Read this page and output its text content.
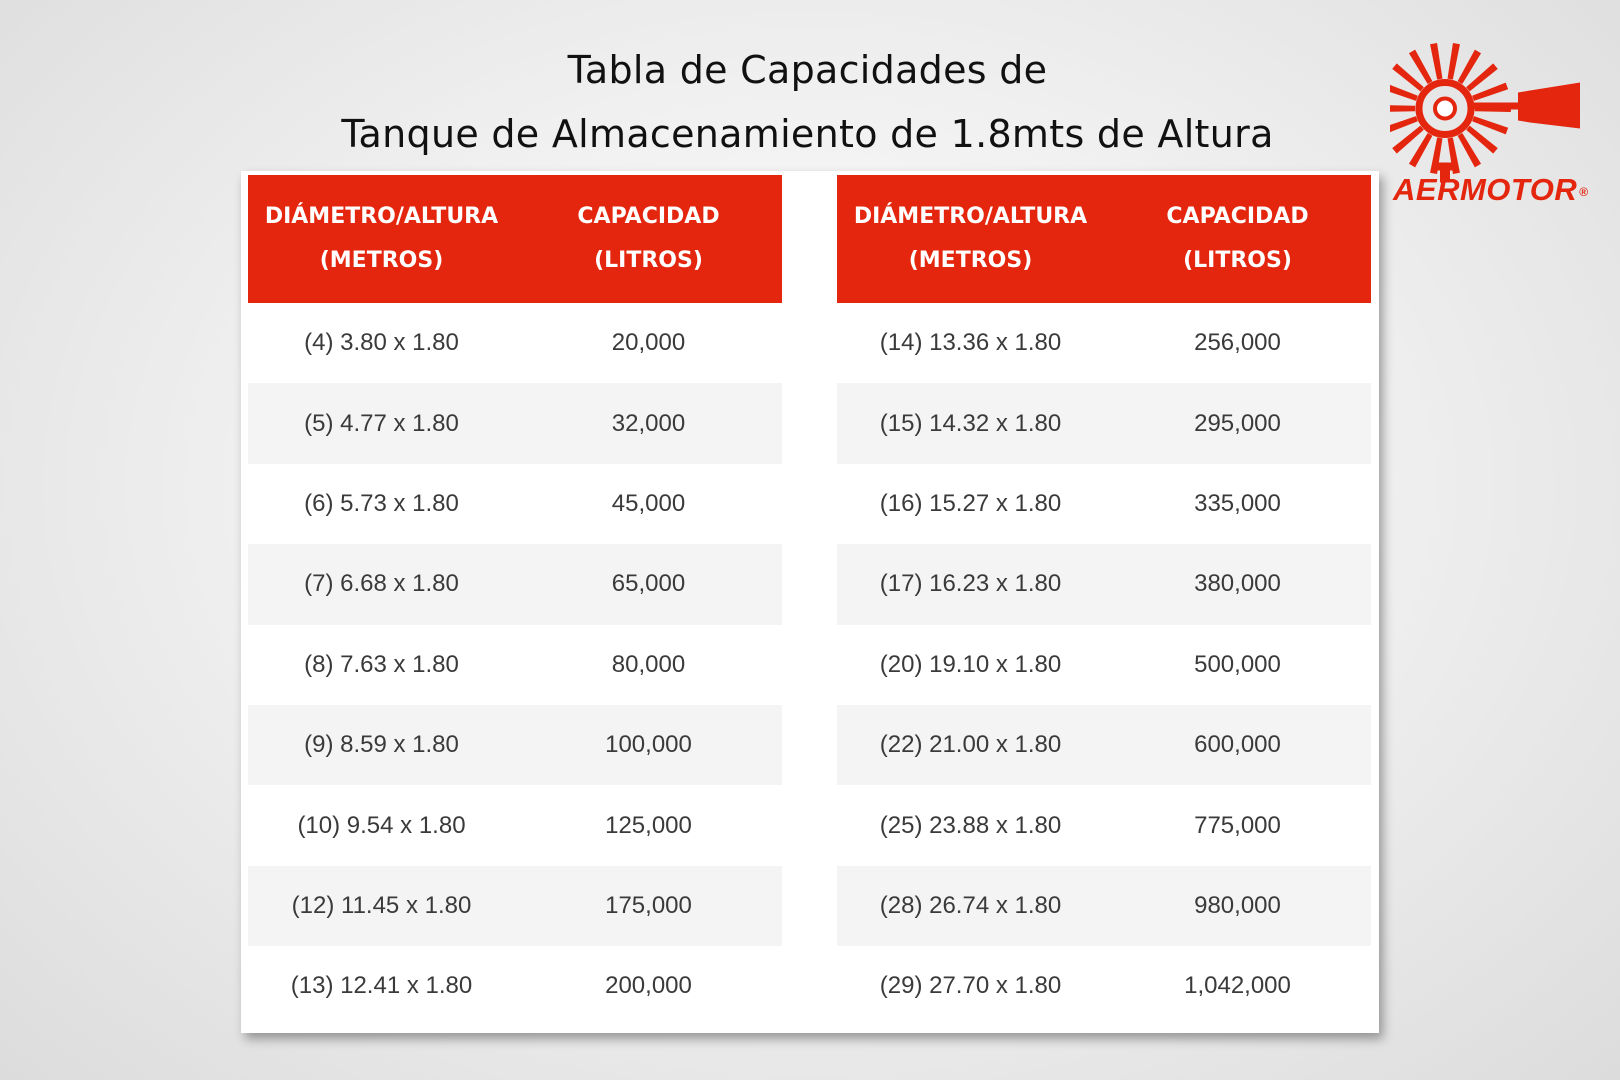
Tabla de Capacidades de
Tanque de Almacenamiento de 1.8mts de Altura
DIÁMETRO/ALTURA
(METROS)
CAPACIDAD
(LITROS)
(4) 3.80 x 1.80	20,000
(5) 4.77 x 1.80	32,000
(6) 5.73 x 1.80	45,000
(7) 6.68 x 1.80	65,000
(8) 7.63 x 1.80	80,000
(9) 8.59 x 1.80	100,000
(10) 9.54 x 1.80	125,000
(12) 11.45 x 1.80	175,000
(13) 12.41 x 1.80	200,000
DIÁMETRO/ALTURA
(METROS)
CAPACIDAD
(LITROS)
(14) 13.36 x 1.80	256,000
(15) 14.32 x 1.80	295,000
(16) 15.27 x 1.80	335,000
(17) 16.23 x 1.80	380,000
(20) 19.10 x 1.80	500,000
(22) 21.00 x 1.80	600,000
(25) 23.88 x 1.80	775,000
(28) 26.74 x 1.80	980,000
(29) 27.70 x 1.80	1,042,000
AERMOTOR ®
